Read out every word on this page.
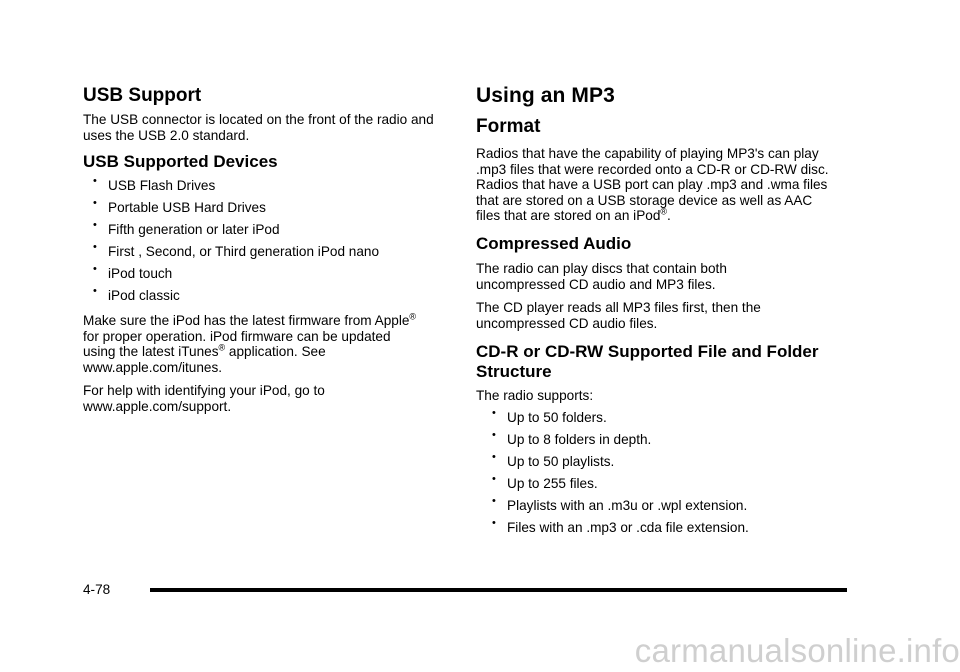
USB Support

The USB connector is located on the front of the radio and uses the USB 2.0 standard.

USB Supported Devices
• USB Flash Drives
• Portable USB Hard Drives
• Fifth generation or later iPod
• First , Second, or Third generation iPod nano
• iPod touch
• iPod classic

Make sure the iPod has the latest firmware from Apple® for proper operation. iPod firmware can be updated using the latest iTunes® application. See www.apple.com/itunes.

For help with identifying your iPod, go to www.apple.com/support.

Using an MP3
Format

Radios that have the capability of playing MP3's can play .mp3 files that were recorded onto a CD-R or CD-RW disc. Radios that have a USB port can play .mp3 and .wma files that are stored on a USB storage device as well as AAC files that are stored on an iPod®.

Compressed Audio

The radio can play discs that contain both uncompressed CD audio and MP3 files.

The CD player reads all MP3 files first, then the uncompressed CD audio files.

CD-R or CD-RW Supported File and Folder
Structure

The radio supports:

• Up to 50 folders.
• Up to 8 folders in depth.
• Up to 50 playlists.
• Up to 255 files.
• Playlists with an .m3u or .wpl extension.
• Files with an .mp3 or .cda file extension.
4-78
carmanualsonline.info
